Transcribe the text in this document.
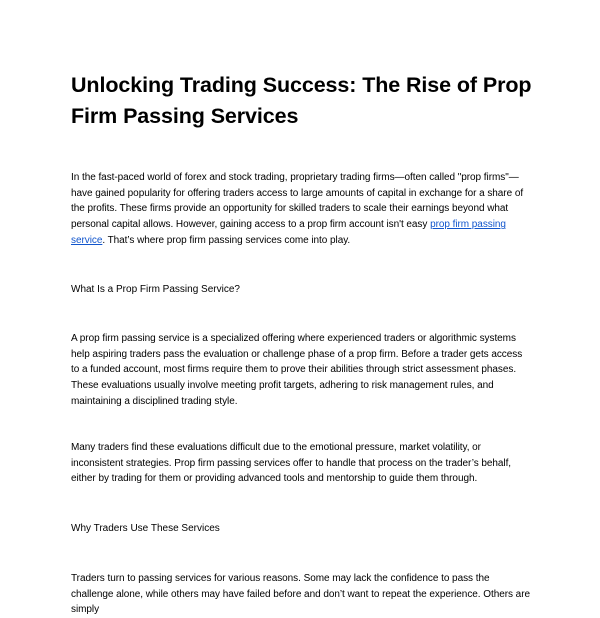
Unlocking Trading Success: The Rise of Prop Firm Passing Services

In the fast-paced world of forex and stock trading, proprietary trading firms—often called "prop firms"—have gained popularity for offering traders access to large amounts of capital in exchange for a share of the profits. These firms provide an opportunity for skilled traders to scale their earnings beyond what personal capital allows. However, gaining access to a prop firm account isn't easy prop firm passing service. That’s where prop firm passing services come into play.

What Is a Prop Firm Passing Service?

A prop firm passing service is a specialized offering where experienced traders or algorithmic systems help aspiring traders pass the evaluation or challenge phase of a prop firm. Before a trader gets access to a funded account, most firms require them to prove their abilities through strict assessment phases. These evaluations usually involve meeting profit targets, adhering to risk management rules, and maintaining a disciplined trading style.

Many traders find these evaluations difficult due to the emotional pressure, market volatility, or inconsistent strategies. Prop firm passing services offer to handle that process on the trader’s behalf, either by trading for them or providing advanced tools and mentorship to guide them through.

Why Traders Use These Services

Traders turn to passing services for various reasons. Some may lack the confidence to pass the challenge alone, while others may have failed before and don’t want to repeat the experience. Others are simply
